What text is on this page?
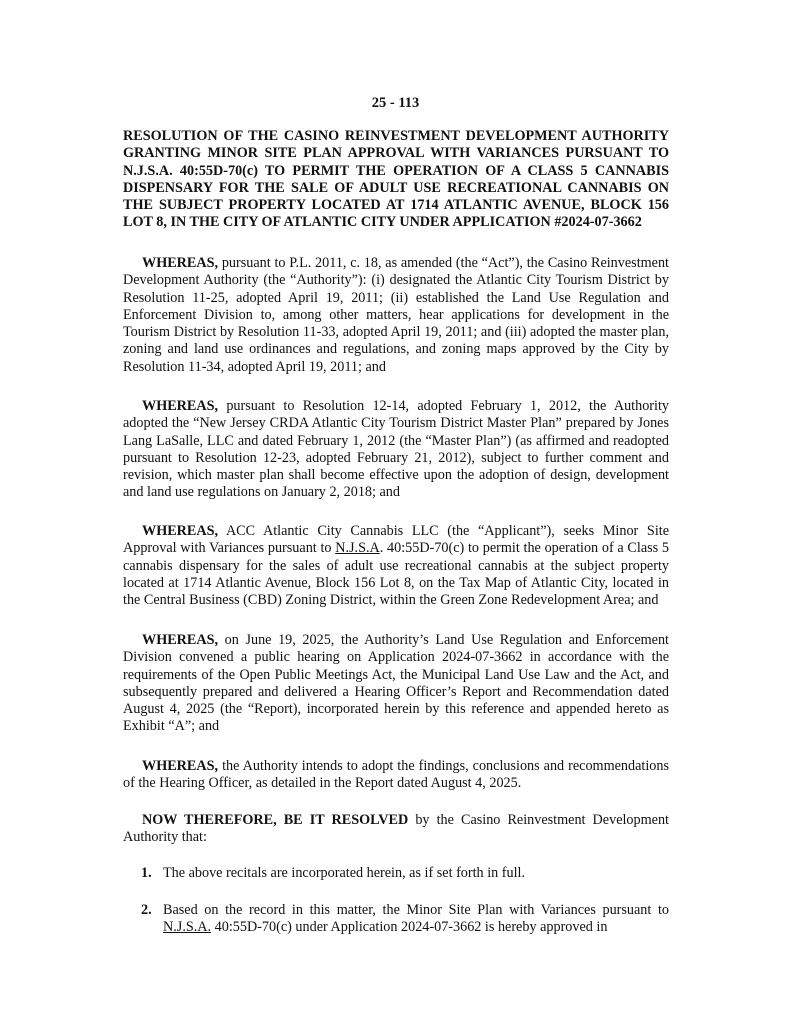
25 - 113
RESOLUTION OF THE CASINO REINVESTMENT DEVELOPMENT AUTHORITY GRANTING MINOR SITE PLAN APPROVAL WITH VARIANCES PURSUANT TO N.J.S.A. 40:55D-70(c) TO PERMIT THE OPERATION OF A CLASS 5 CANNABIS DISPENSARY FOR THE SALE OF ADULT USE RECREATIONAL CANNABIS ON THE SUBJECT PROPERTY LOCATED AT 1714 ATLANTIC AVENUE, BLOCK 156 LOT 8, IN THE CITY OF ATLANTIC CITY UNDER APPLICATION #2024-07-3662

WHEREAS, pursuant to P.L. 2011, c. 18, as amended (the “Act”), the Casino Reinvestment Development Authority (the “Authority”): (i) designated the Atlantic City Tourism District by Resolution 11-25, adopted April 19, 2011; (ii) established the Land Use Regulation and Enforcement Division to, among other matters, hear applications for development in the Tourism District by Resolution 11-33, adopted April 19, 2011; and (iii) adopted the master plan, zoning and land use ordinances and regulations, and zoning maps approved by the City by Resolution 11-34, adopted April 19, 2011; and

WHEREAS, pursuant to Resolution 12-14, adopted February 1, 2012, the Authority adopted the “New Jersey CRDA Atlantic City Tourism District Master Plan” prepared by Jones Lang LaSalle, LLC and dated February 1, 2012 (the “Master Plan”) (as affirmed and readopted pursuant to Resolution 12-23, adopted February 21, 2012), subject to further comment and revision, which master plan shall become effective upon the adoption of design, development and land use regulations on January 2, 2018; and

WHEREAS, ACC Atlantic City Cannabis LLC (the “Applicant”), seeks Minor Site Approval with Variances pursuant to N.J.S.A. 40:55D-70(c) to permit the operation of a Class 5 cannabis dispensary for the sales of adult use recreational cannabis at the subject property located at 1714 Atlantic Avenue, Block 156 Lot 8, on the Tax Map of Atlantic City, located in the Central Business (CBD) Zoning District, within the Green Zone Redevelopment Area; and

WHEREAS, on June 19, 2025, the Authority’s Land Use Regulation and Enforcement Division convened a public hearing on Application 2024-07-3662 in accordance with the requirements of the Open Public Meetings Act, the Municipal Land Use Law and the Act, and subsequently prepared and delivered a Hearing Officer’s Report and Recommendation dated August 4, 2025 (the “Report), incorporated herein by this reference and appended hereto as Exhibit “A”; and

WHEREAS, the Authority intends to adopt the findings, conclusions and recommendations of the Hearing Officer, as detailed in the Report dated August 4, 2025.

NOW THEREFORE, BE IT RESOLVED by the Casino Reinvestment Development Authority that:

1. The above recitals are incorporated herein, as if set forth in full.
2. Based on the record in this matter, the Minor Site Plan with Variances pursuant to N.J.S.A. 40:55D-70(c) under Application 2024-07-3662 is hereby approved in
